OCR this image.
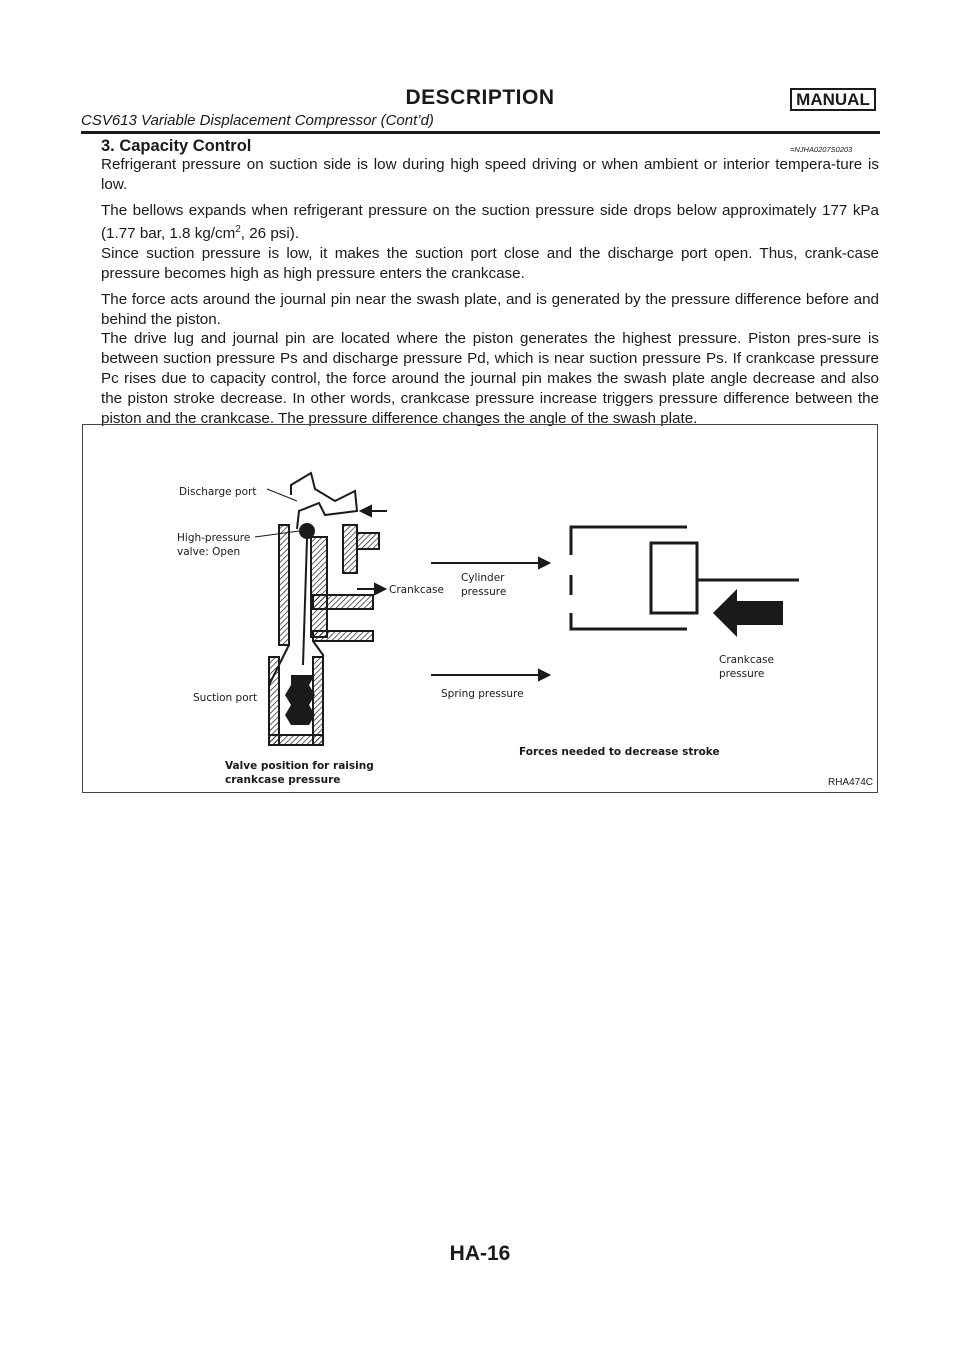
DESCRIPTION	MANUAL
CSV613 Variable Displacement Compressor (Cont’d)
3. Capacity Control	=NJHA0207S0203

Refrigerant pressure on suction side is low during high speed driving or when ambient or interior tempera-ture is low.

The bellows expands when refrigerant pressure on the suction pressure side drops below approximately 177 kPa (1.77 bar, 1.8 $kg/cm^2$, 26 psi).

Since suction pressure is low, it makes the suction port close and the discharge port open. Thus, crank-case pressure becomes high as high pressure enters the crankcase.

The force acts around the journal pin near the swash plate, and is generated by the pressure difference before and behind the piston.

The drive lug and journal pin are located where the piston generates the highest pressure. Piston pres-sure is between suction pressure Ps and discharge pressure Pd, which is near suction pressure Ps. If crankcase pressure Pc rises due to capacity control, the force around the journal pin makes the swash plate angle decrease and also the piston stroke decrease. In other words, crankcase pressure increase triggers pressure difference between the piston and the crankcase. The pressure difference changes the angle of the swash plate.

Discharge port
High-pressure
valve: Open
Crankcase
Cylinder
pressure
Suction port	Spring pressure
Crankcase
pressure
Valve position for raising
crankcase pressure
Forces needed to decrease stroke
RHA474C
HA-16
